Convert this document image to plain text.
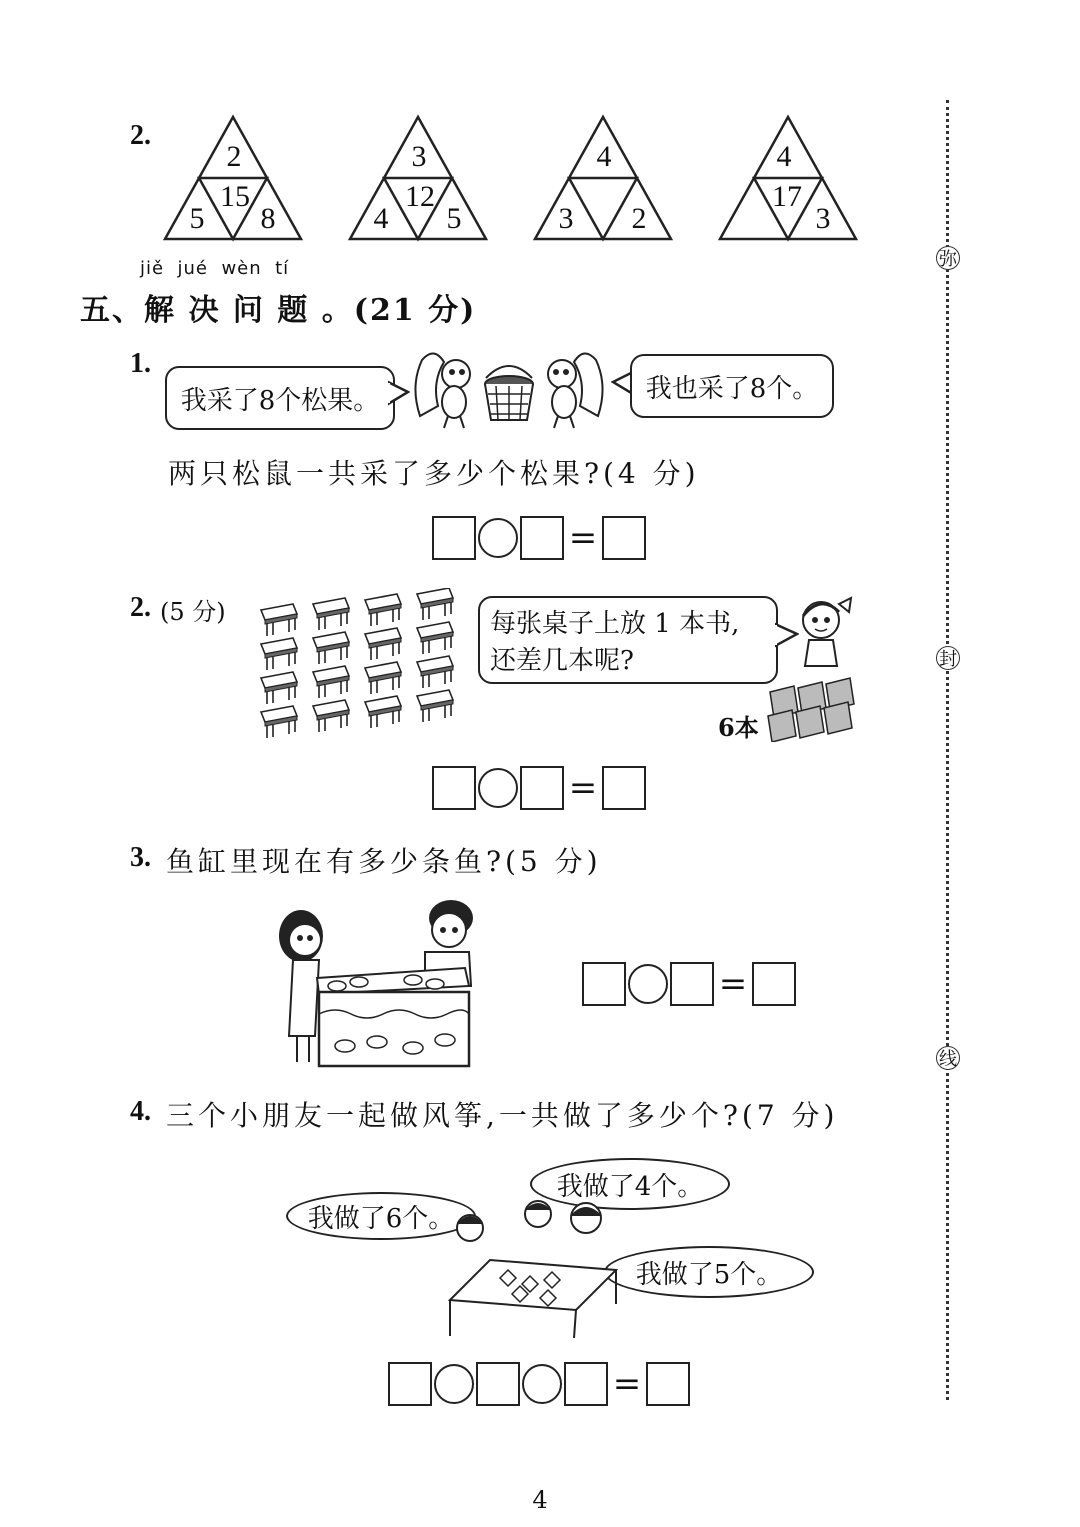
2.
2
15
5 8
3
12
4 5
4
3 2
4
17
3
jiě  jué  wèn  tí
五、解 决 问 题 。(21 分)
1.
我采了8个松果。	我也采了8个。
两只松鼠一共采了多少个松果?(4 分)
=
2. (5 分)	每张桌子上放 1 本书,
还差几本呢?
6本
=
3. 鱼缸里现在有多少条鱼?(5 分)
=
4. 三个小朋友一起做风筝,一共做了多少个?(7 分)
我做了6个。
我做了4个。
我做了5个。
=
弥
封
线
4
